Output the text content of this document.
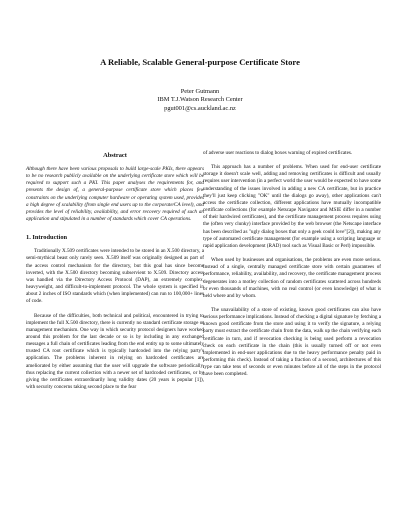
A Reliable, Scalable General-purpose Certificate Store
Peter Gutmann
IBM T.J.Watson Research Center
pgut001@cs.auckland.ac.nz
Abstract
Although there have been various proposals to build large-scale PKIs, there appears to be no research publicly available on the underlying certificate store which will be required to support such a PKI. This paper analyses the requirements for, and presents the design of, a general-purpose certificate store which places few constraints on the underlying computer hardware or operating system used, provides a high degree of scalability (from single end users up to the corporate/CA level), and provides the level of reliability, availability, and error recovery required of such an application and stipulated in a number of standards which cover CA operations.
1. Introduction

Traditionally X.509 certificates were intended to be stored in an X.500 directory, a semi-mythical beast only rarely seen. X.509 itself was originally designed as part of the access control mechanism for the directory, but this goal has since become inverted, with the X.500 directory becoming subservient to X.509. Directory access was handled via the Directory Access Protocol (DAP), an extremely complex, heavyweight, and difficult-to-implement protocol. The whole system is specified in about 2 inches of ISO standards which (when implemented) can run to 100,000+ lines of code.

Because of the difficulties, both technical and political, encountered in trying to implement the full X.500 directory, there is currently no standard certificate storage or management mechanism. One way in which security protocol designers have worked around this problem for the last decade or so is by including in any exchanged messages a full chain of certificates leading from the end entity up to some ultimately trusted CA root certificate which is typically hardcoded into the relying party's application. The problems inherent in relying on hardcoded certificates are ameliorated by either assuming that the user will upgrade the software periodically, thus replacing the current collection with a newer set of hardcoded certificates, or by giving the certificates extraordinarily long validity dates (20 years is popular [1]), with security concerns taking second place to the fear

of adverse user reactions to dialog boxes warning of expired certificates.

This approach has a number of problems. When used for end-user certificate storage it doesn't scale well, adding and removing certificates is difficult and usually requires user intervention (in a perfect world the user would be expected to have some understanding of the issues involved in adding a new CA certificate, but in practice they'll just keep clicking "OK" until the dialogs go away), other applications can't access the certificate collection, different applications have mutually incompatible certificate collections (for example Netscape Navigator and MSIE differ in a number of their hardwired certificates), and the certificate management process requires using the (often very clunky) interface provided by the web browser (the Netscape interface has been described as "ugly dialog boxes that only a geek could love"[2]), making any type of automated certificate management (for example using a scripting language or rapid application development (RAD) tool such as Visual Basic or Perl) impossible.

When used by businesses and organisations, the problems are even more serious. Instead of a single, centrally managed certificate store with certain guarantees of performance, reliability, availability, and recovery, the certificate management process degenerates into a motley collection of random certificates scattered across hundreds or even thousands of machines, with no real control (or even knowledge) of what is held where and by whom.

The unavailability of a store of existing, known good certificates can also have serious performance implications. Instead of checking a digital signature by fetching a known good certificate from the store and using it to verify the signature, a relying party must extract the certificate chain from the data, walk up the chain verifying each certificate in turn, and if revocation checking is being used perform a revocation check on each certificate in the chain (this is usually turned off or not even implemented in end-user applications due to the heavy performance penalty paid in performing this check). Instead of taking a fraction of a second, architectures of this type can take tens of seconds or even minutes before all of the steps in the protocol have been completed.
